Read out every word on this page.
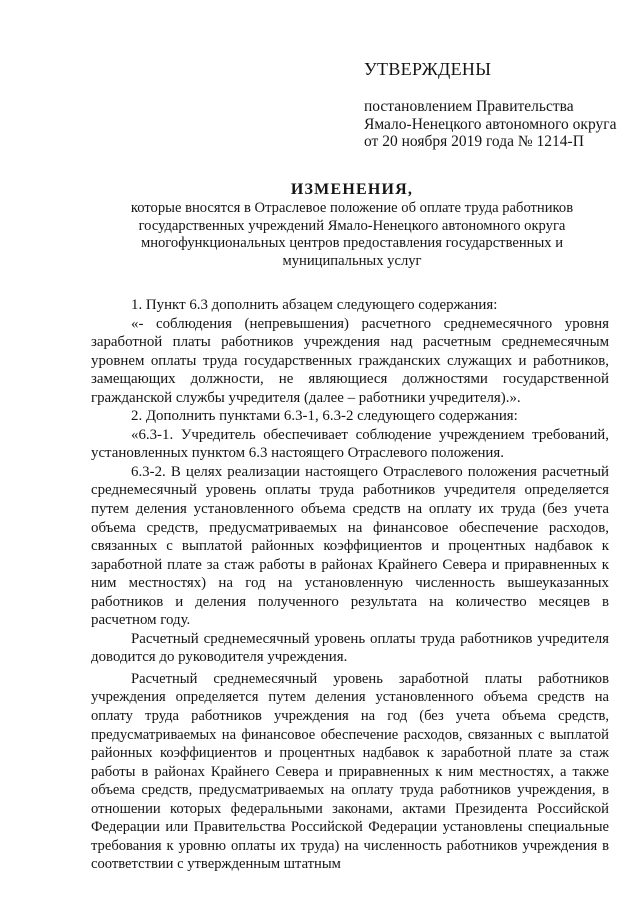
УТВЕРЖДЕНЫ
постановлением Правительства
Ямало-Ненецкого автономного округа
от 20 ноября 2019 года № 1214-П
ИЗМЕНЕНИЯ,
которые вносятся в Отраслевое положение об оплате труда работников государственных учреждений Ямало-Ненецкого автономного округа многофункциональных центров предоставления государственных и муниципальных услуг

1. Пункт 6.3 дополнить абзацем следующего содержания:

«- соблюдения (непревышения) расчетного среднемесячного уровня заработной платы работников учреждения над расчетным среднемесячным уровнем оплаты труда государственных гражданских служащих и работников, замещающих должности, не являющиеся должностями государственной гражданской службы учредителя (далее – работники учредителя).».

2. Дополнить пунктами 6.3-1, 6.3-2 следующего содержания:

«6.3-1. Учредитель обеспечивает соблюдение учреждением требований, установленных пунктом 6.3 настоящего Отраслевого положения.

6.3-2. В целях реализации настоящего Отраслевого положения расчетный среднемесячный уровень оплаты труда работников учредителя определяется путем деления установленного объема средств на оплату их труда (без учета объема средств, предусматриваемых на финансовое обеспечение расходов, связанных с выплатой районных коэффициентов и процентных надбавок к заработной плате за стаж работы в районах Крайнего Севера и приравненных к ним местностях) на год на установленную численность вышеуказанных работников и деления полученного результата на количество месяцев в расчетном году.

Расчетный среднемесячный уровень оплаты труда работников учредителя доводится до руководителя учреждения.

Расчетный среднемесячный уровень заработной платы работников учреждения определяется путем деления установленного объема средств на оплату труда работников учреждения на год (без учета объема средств, предусматриваемых на финансовое обеспечение расходов, связанных с выплатой районных коэффициентов и процентных надбавок к заработной плате за стаж работы в районах Крайнего Севера и приравненных к ним местностях, а также объема средств, предусматриваемых на оплату труда работников учреждения, в отношении которых федеральными законами, актами Президента Российской Федерации или Правительства Российской Федерации установлены специальные требования к уровню оплаты их труда) на численность работников учреждения в соответствии с утвержденным штатным
